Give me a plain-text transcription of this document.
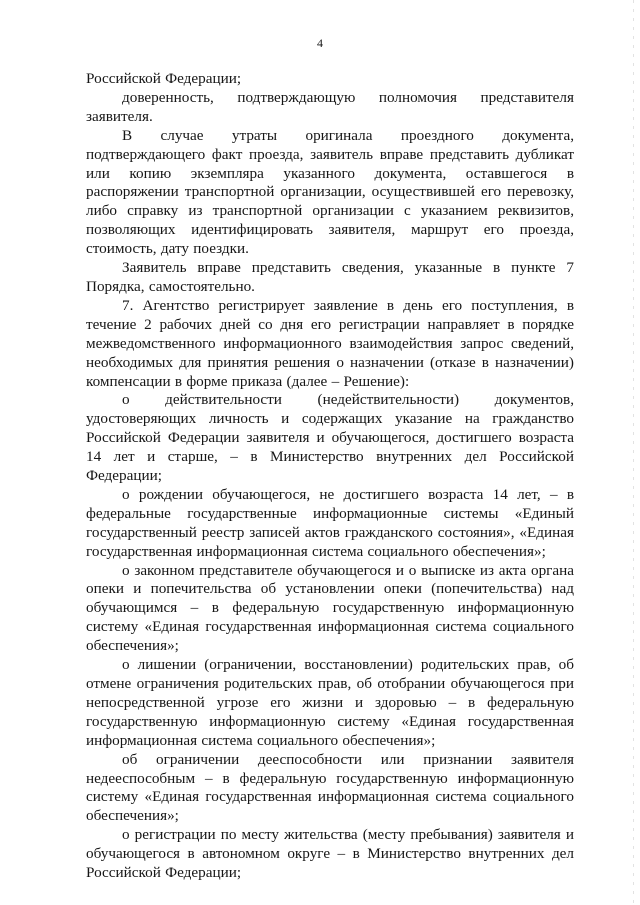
4

Российской Федерации;

доверенность, подтверждающую полномочия представителя заявителя.

В случае утраты оригинала проездного документа, подтверждающего факт проезда, заявитель вправе представить дубликат или копию экземпляра указанного документа, оставшегося в распоряжении транспортной организации, осуществившей его перевозку, либо справку из транспортной организации с указанием реквизитов, позволяющих идентифицировать заявителя, маршрут его проезда, стоимость, дату поездки.

Заявитель вправе представить сведения, указанные в пункте 7 Порядка, самостоятельно.

7. Агентство регистрирует заявление в день его поступления, в течение 2 рабочих дней со дня его регистрации направляет в порядке межведомственного информационного взаимодействия запрос сведений, необходимых для принятия решения о назначении (отказе в назначении) компенсации в форме приказа (далее – Решение):

о действительности (недействительности) документов, удостоверяющих личность и содержащих указание на гражданство Российской Федерации заявителя и обучающегося, достигшего возраста 14 лет и старше, – в Министерство внутренних дел Российской Федерации;

о рождении обучающегося, не достигшего возраста 14 лет, – в федеральные государственные информационные системы «Единый государственный реестр записей актов гражданского состояния», «Единая государственная информационная система социального обеспечения»;

о законном представителе обучающегося и о выписке из акта органа опеки и попечительства об установлении опеки (попечительства) над обучающимся – в федеральную государственную информационную систему «Единая государственная информационная система социального обеспечения»;

о лишении (ограничении, восстановлении) родительских прав, об отмене ограничения родительских прав, об отобрании обучающегося при непосредственной угрозе его жизни и здоровью – в федеральную государственную информационную систему «Единая государственная информационная система социального обеспечения»;

об ограничении дееспособности или признании заявителя недееспособным – в федеральную государственную информационную систему «Единая государственная информационная система социального обеспечения»;

о регистрации по месту жительства (месту пребывания) заявителя и обучающегося в автономном округе – в Министерство внутренних дел Российской Федерации;
